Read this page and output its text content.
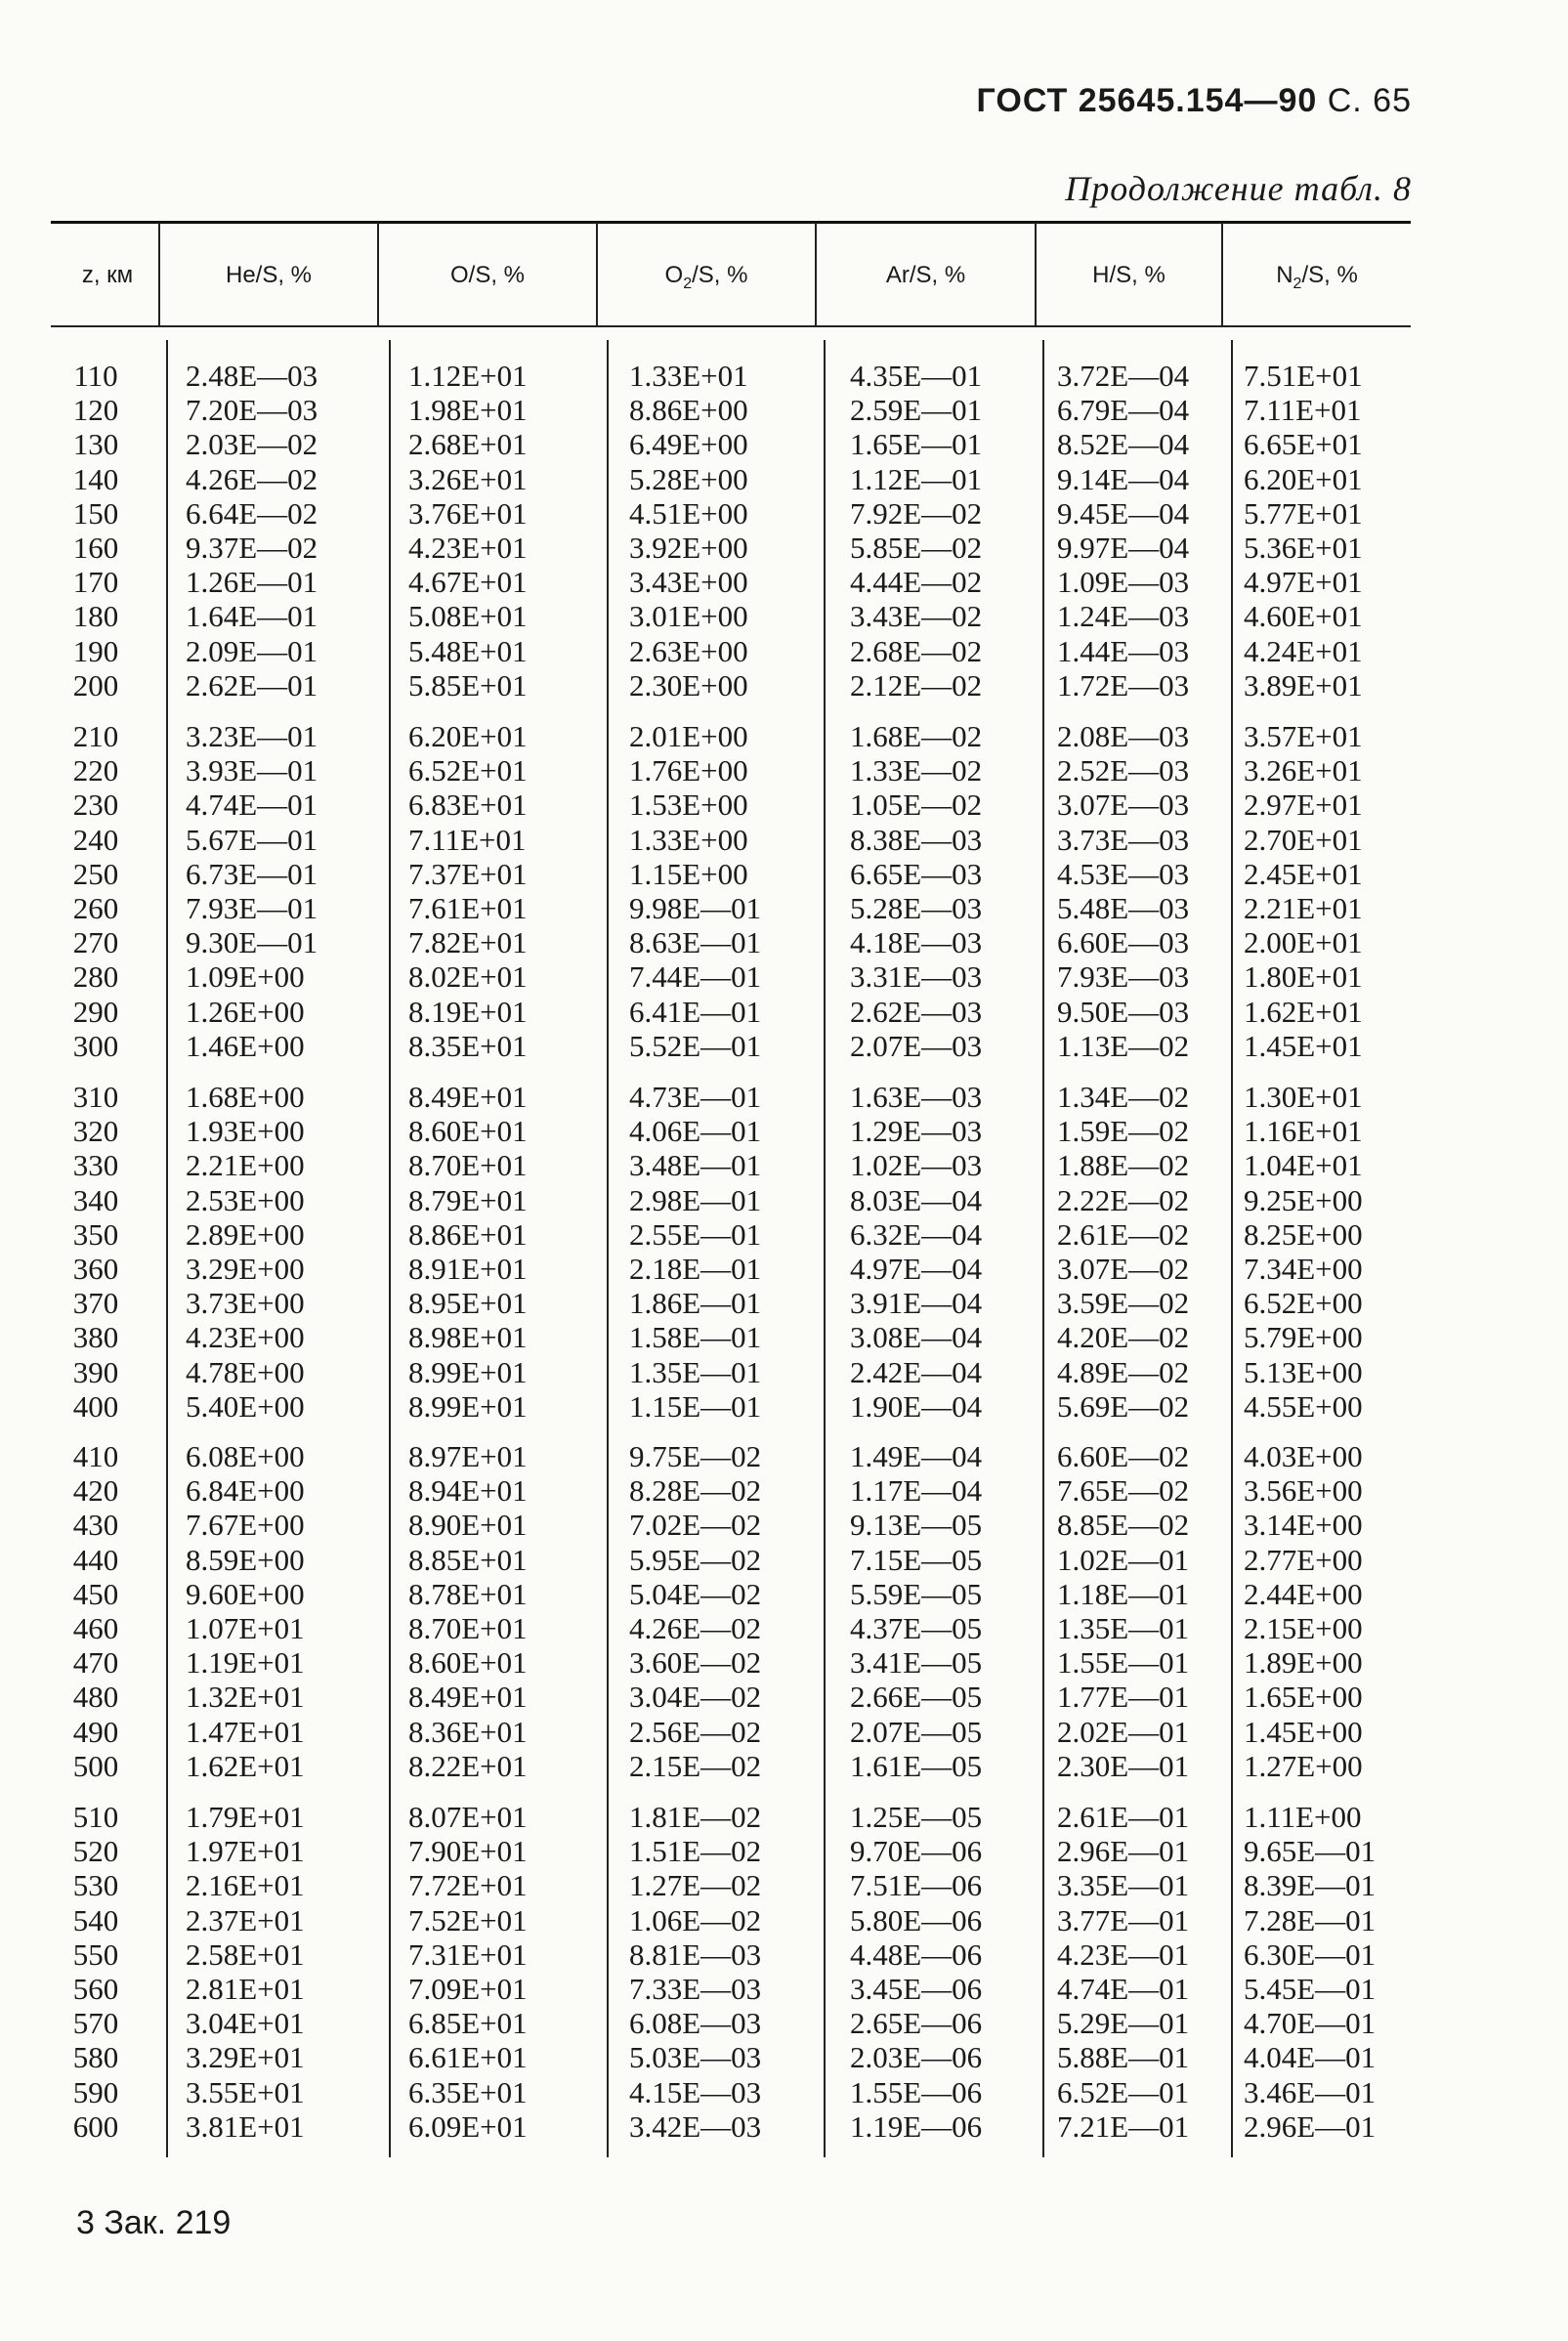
ГОСТ 25645.154—90 С. 65
Продолжение табл. 8
z, км	He/S, %	O/S, %	$O_2/S$, %	Ar/S, %	H/S, %	$N_2/S$, %
110	2.48E—03	1.12E+01	1.33E+01	4.35E—01 3.72E—04 7.51E+01
120	7.20E—03	1.98E+01	8.86E+00	2.59E—01 6.79E—04 7.11E+01
130	2.03E—02	2.68E+01	6.49E+00	1.65E—01 8.52E—04 6.65E+01
140	4.26E—02	3.26E+01	5.28E+00	1.12E—01 9.14E—04 6.20E+01
150	6.64E—02	3.76E+01	4.51E+00	7.92E—02 9.45E—04 5.77E+01
160	9.37E—02	4.23E+01	3.92E+00	5.85E—02 9.97E—04 5.36E+01
170	1.26E—01	4.67E+01	3.43E+00	4.44E—02 1.09E—03 4.97E+01
180	1.64E—01	5.08E+01	3.01E+00	3.43E—02 1.24E—03 4.60E+01
190	2.09E—01	5.48E+01	2.63E+00	2.68E—02 1.44E—03 4.24E+01
200	2.62E—01	5.85E+01	2.30E+00	2.12E—02 1.72E—03 3.89E+01
210	3.23E—01	6.20E+01	2.01E+00	1.68E—02 2.08E—03 3.57E+01
220	3.93E—01	6.52E+01	1.76E+00	1.33E—02 2.52E—03 3.26E+01
230	4.74E—01	6.83E+01	1.53E+00	1.05E—02 3.07E—03 2.97E+01
240	5.67E—01	7.11E+01	1.33E+00	8.38E—03 3.73E—03 2.70E+01
250	6.73E—01	7.37E+01	1.15E+00	6.65E—03 4.53E—03 2.45E+01
260	7.93E—01	7.61E+01	9.98E—01	5.28E—03 5.48E—03 2.21E+01
270	9.30E—01	7.82E+01	8.63E—01	4.18E—03 6.60E—03 2.00E+01
280	1.09E+00	8.02E+01	7.44E—01	3.31E—03 7.93E—03 1.80E+01
290	1.26E+00	8.19E+01	6.41E—01	2.62E—03 9.50E—03 1.62E+01
300	1.46E+00	8.35E+01	5.52E—01	2.07E—03 1.13E—02 1.45E+01
310	1.68E+00	8.49E+01	4.73E—01	1.63E—03 1.34E—02 1.30E+01
320	1.93E+00	8.60E+01	4.06E—01	1.29E—03 1.59E—02 1.16E+01
330	2.21E+00	8.70E+01	3.48E—01	1.02E—03 1.88E—02 1.04E+01
340	2.53E+00	8.79E+01	2.98E—01	8.03E—04 2.22E—02 9.25E+00
350	2.89E+00	8.86E+01	2.55E—01	6.32E—04 2.61E—02 8.25E+00
360	3.29E+00	8.91E+01	2.18E—01	4.97E—04 3.07E—02 7.34E+00
370	3.73E+00	8.95E+01	1.86E—01	3.91E—04 3.59E—02 6.52E+00
380	4.23E+00	8.98E+01	1.58E—01	3.08E—04 4.20E—02 5.79E+00
390	4.78E+00	8.99E+01	1.35E—01	2.42E—04 4.89E—02 5.13E+00
400	5.40E+00	8.99E+01	1.15E—01	1.90E—04 5.69E—02 4.55E+00
410	6.08E+00	8.97E+01	9.75E—02	1.49E—04 6.60E—02 4.03E+00
420	6.84E+00	8.94E+01	8.28E—02	1.17E—04 7.65E—02 3.56E+00
430	7.67E+00	8.90E+01	7.02E—02	9.13E—05 8.85E—02 3.14E+00
440	8.59E+00	8.85E+01	5.95E—02	7.15E—05 1.02E—01 2.77E+00
450	9.60E+00	8.78E+01	5.04E—02	5.59E—05 1.18E—01 2.44E+00
460	1.07E+01	8.70E+01	4.26E—02	4.37E—05 1.35E—01 2.15E+00
470	1.19E+01	8.60E+01	3.60E—02	3.41E—05 1.55E—01 1.89E+00
480	1.32E+01	8.49E+01	3.04E—02	2.66E—05 1.77E—01 1.65E+00
490	1.47E+01	8.36E+01	2.56E—02	2.07E—05 2.02E—01 1.45E+00
500	1.62E+01	8.22E+01	2.15E—02	1.61E—05 2.30E—01 1.27E+00
510	1.79E+01	8.07E+01	1.81E—02	1.25E—05 2.61E—01 1.11E+00
520	1.97E+01	7.90E+01	1.51E—02	9.70E—06 2.96E—01 9.65E—01
530	2.16E+01	7.72E+01	1.27E—02	7.51E—06 3.35E—01 8.39E—01
540	2.37E+01	7.52E+01	1.06E—02	5.80E—06 3.77E—01 7.28E—01
550	2.58E+01	7.31E+01	8.81E—03	4.48E—06 4.23E—01 6.30E—01
560	2.81E+01	7.09E+01	7.33E—03	3.45E—06 4.74E—01 5.45E—01
570	3.04E+01	6.85E+01	6.08E—03	2.65E—06 5.29E—01 4.70E—01
580	3.29E+01	6.61E+01	5.03E—03	2.03E—06 5.88E—01 4.04E—01
590	3.55E+01	6.35E+01	4.15E—03	1.55E—06 6.52E—01 3.46E—01
600	3.81E+01	6.09E+01	3.42E—03	1.19E—06 7.21E—01 2.96E—01
3 Зак. 219
